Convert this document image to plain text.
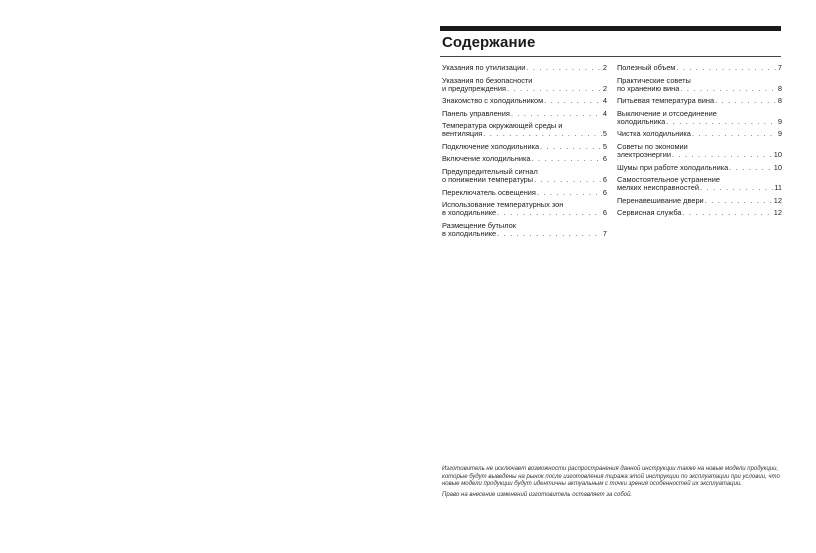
Содержание
Указания по утилизации . . .	2
Указания по безопасности
и предупреждения . . .	2
Знакомство с холодильником . . .	4
Панель управления . . .	4
Температура окружающей среды и
вентиляция . . .	5
Подключение холодильника . . .	5
Включение холодильника . . .	6
Предупредительный сигнал
о понижении температуры . . .	6
Переключатель освещения . . .	6
Использование температурных зон
в холодильнике . . .	6
Размещение бутылок
в холодильнике . . .	7
Полезный объем . . .	7
Практические советы
по хранению вина . . .	8
Питьевая температура вина . . .	8
Выключение и отсоединение
холодильника . . .	9
Чистка холодильника . . .	9
Советы по экономии
электроэнергии . . .	10
Шумы при работе холодильника . . .	10
Самостоятельное устранение
мелких неисправностей . . .	11
Перенавешивание двери . . .	12
Сервисная служба . . .	12

Изготовитель не исключает возможности распространения данной инструкции также на новые модели продукции, которые будут выведены на рынок после изготовления тиража этой инструкции по эксплуатации при условии, что новые модели продукции будут идентичны актуальным с точки зрения особенностей их эксплуатации.

Право на внесение изменений изготовитель оставляет за собой.
